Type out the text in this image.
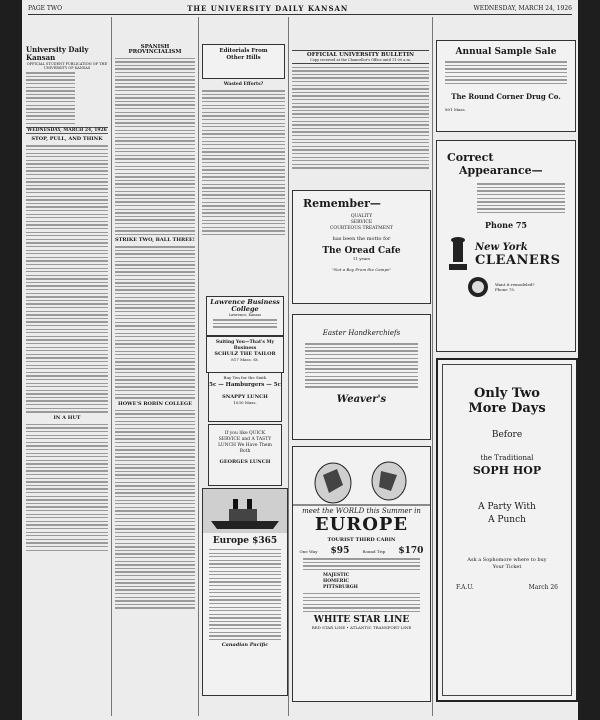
PAGE TWO	THE UNIVERSITY DAILY KANSAN	WEDNESDAY, MARCH 24, 1926
University Daily Kansan
OFFICIAL STUDENT PUBLICATION OF THE UNIVERSITY OF KANSAS
WEDNESDAY, MARCH 24, 1926
STOP, PULL, AND THINK
IN A HUT
SPANISH PROVINCIALISM
STRIKE TWO, BALL THREE!
HOWE'S ROBIN COLLEGE
Editorials From Other Hills
Wasted Efforts?
Lawrence Business College
Lawrence, Kansas
Suiting You—That's My Business
SCHULZ THE TAILOR
817 Mass. St.
Buy Ten for the Sixth
5c — Hamburgers — 5c
SNAPPY LUNCH
1030 Mass.
If you like QUICK SERVICE and A TASTY LUNCH We Have Them Both
GEORGES LUNCH
Europe $365
Canadian Pacific
OFFICIAL UNIVERSITY BULLETIN
Copy received at the Chancellor's Office until 11:00 a.m.
Remember—
QUALITY
SERVICE
COURTEOUS TREATMENT
has been the motto for
The Oread Cafe
11 years
"Not a Boy From the Camps"
Easter Handkerchiefs
Weaver's
meet the WORLD this Summer in
EUROPE
TOURIST THIRD CABIN
One Way $95	Round Trip $170
MAJESTIC
HOMERIC
PITTSBURGH
WHITE STAR LINE
RED STAR LINE • ATLANTIC TRANSPORT LINE
Annual Sample Sale
The Round Corner Drug Co.
801 Mass.
Correct
Appearance—
Phone 75
New York
CLEANERS
Want it remodeled?
Phone 75.
Only Two
More Days
Before
the Traditional
SOPH HOP
A Party With A Punch
Ask a Sophomore where to buy Your Ticket
F.A.U.	March 26
